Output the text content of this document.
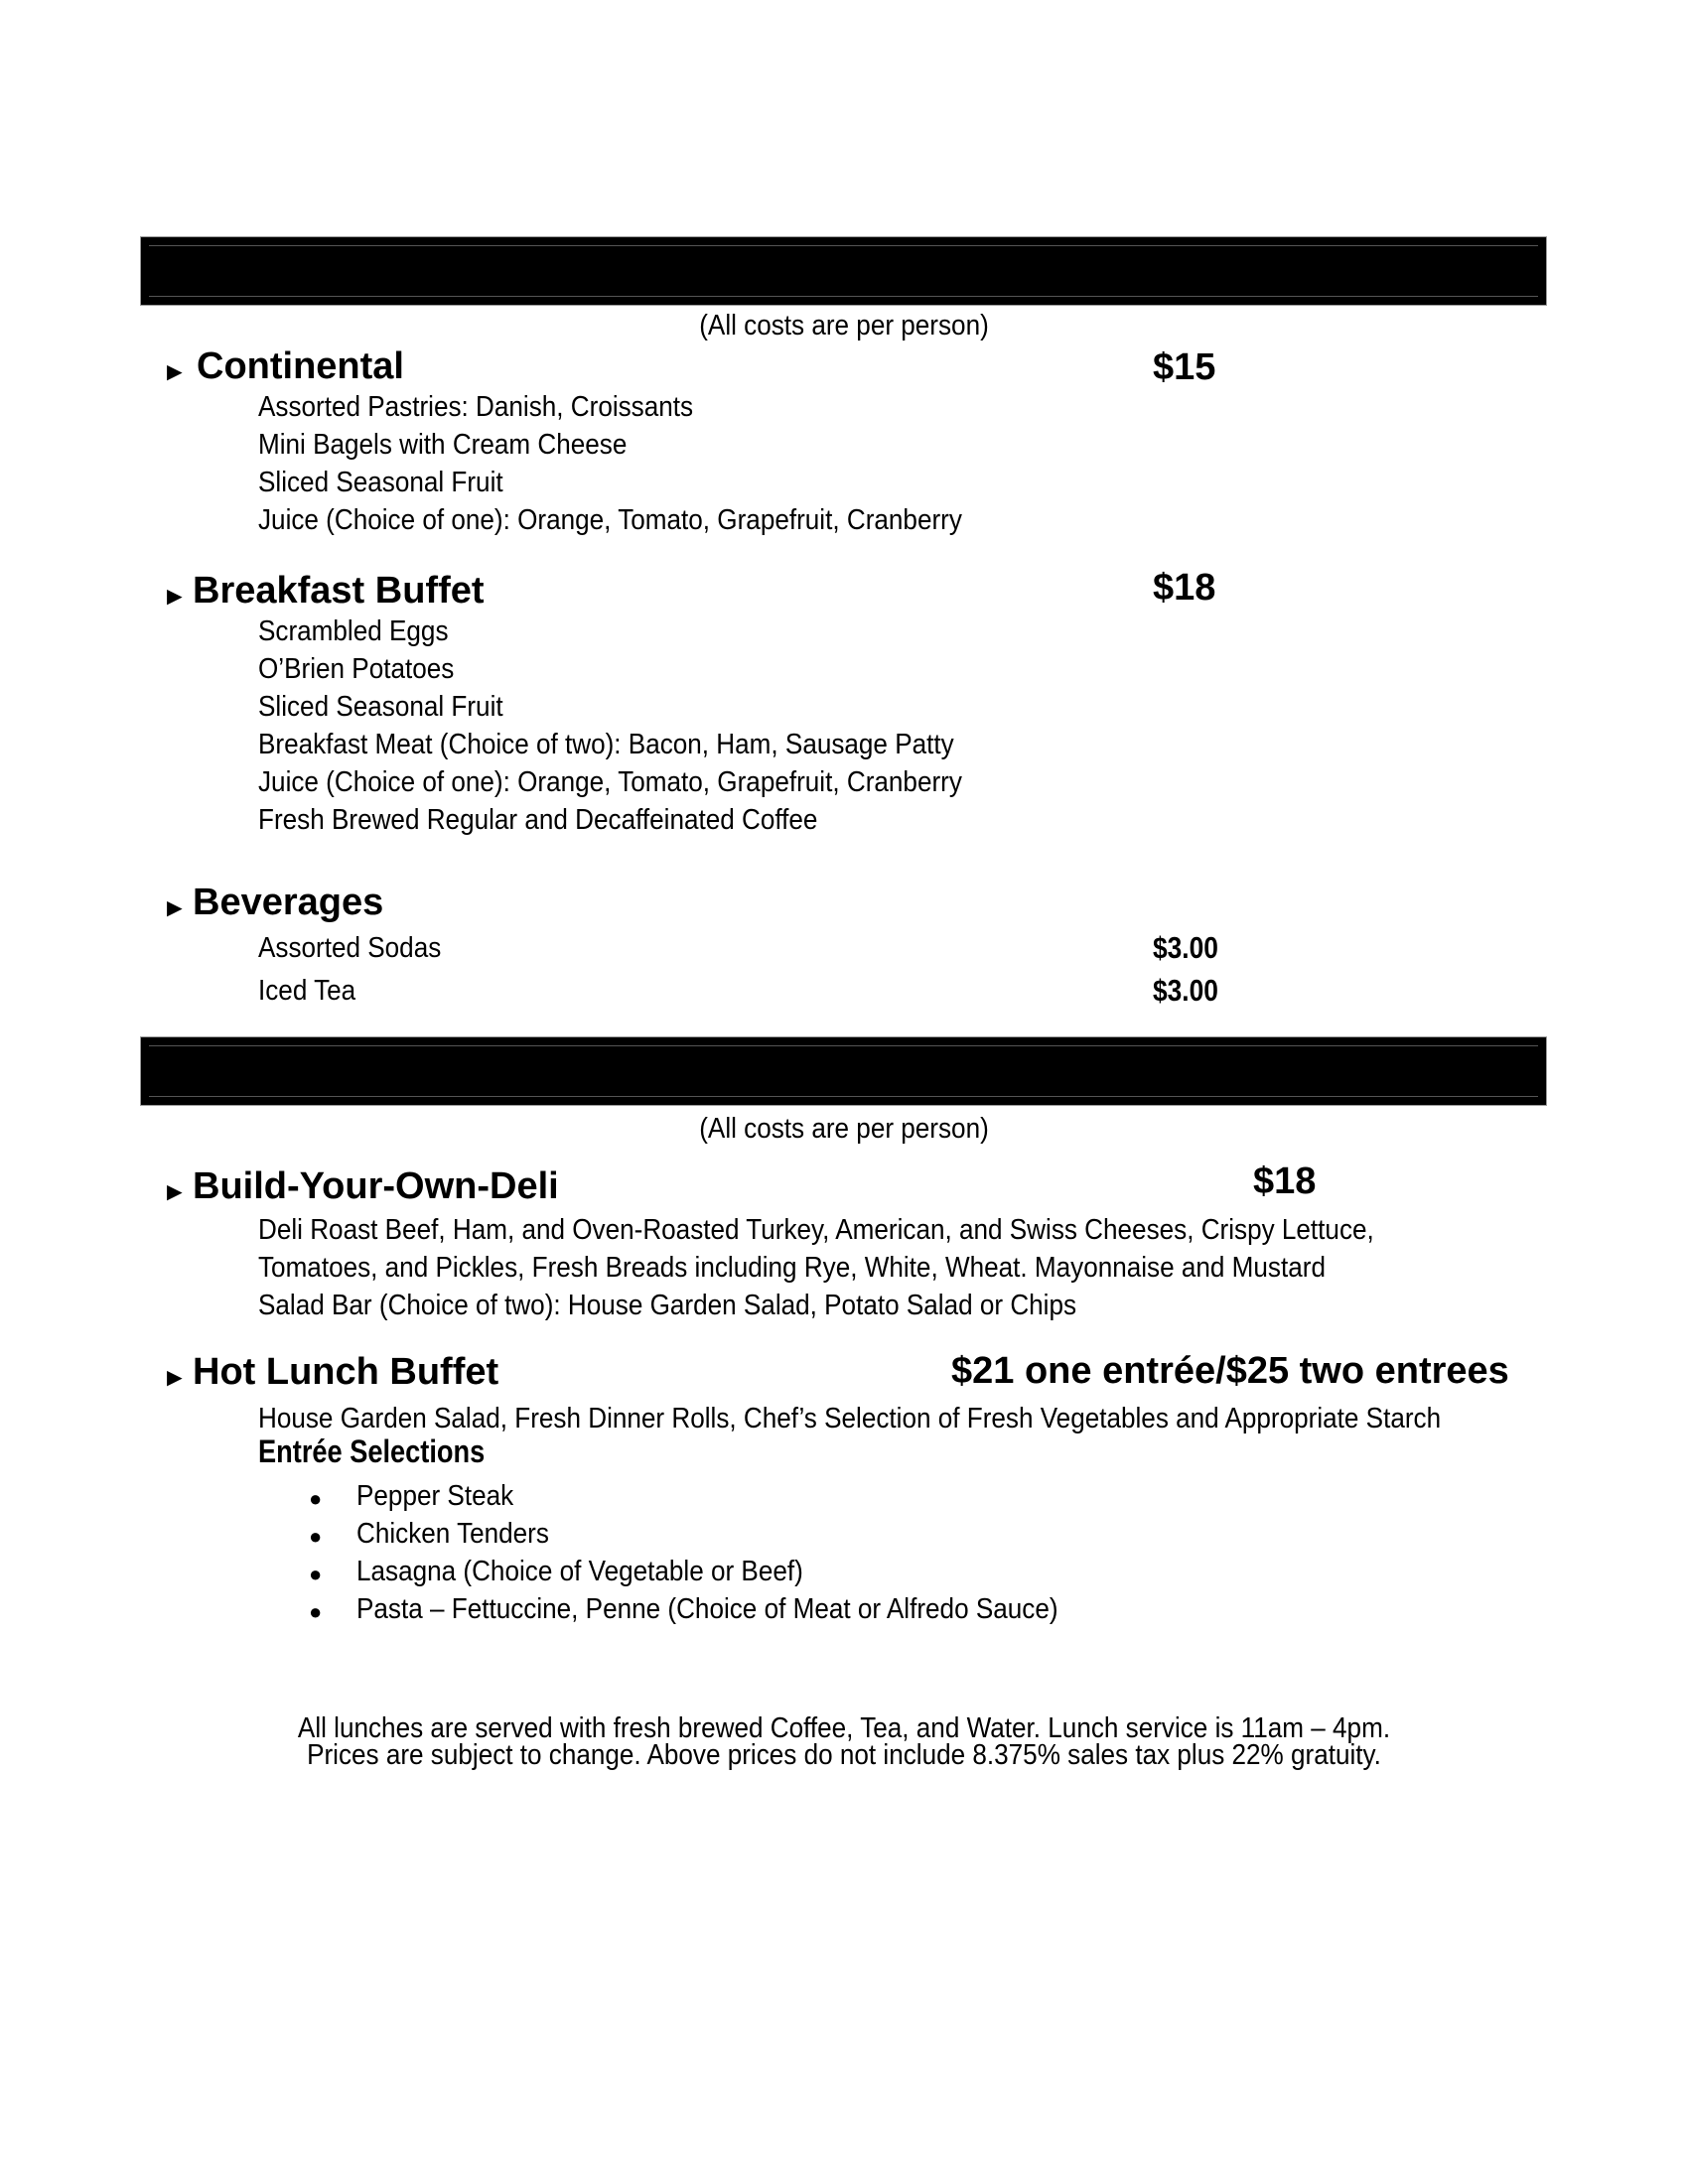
(All costs are per person)
► Continental	$15
Assorted Pastries: Danish, Croissants
Mini Bagels with Cream Cheese
Sliced Seasonal Fruit
Juice (Choice of one): Orange, Tomato, Grapefruit, Cranberry
► Breakfast Buffet	$18
Scrambled Eggs
O’Brien Potatoes
Sliced Seasonal Fruit
Breakfast Meat (Choice of two): Bacon, Ham, Sausage Patty
Juice (Choice of one): Orange, Tomato, Grapefruit, Cranberry
Fresh Brewed Regular and Decaffeinated Coffee
► Beverages
Assorted Sodas	$3.00
Iced Tea	$3.00
(All costs are per person)
► Build-Your-Own-Deli	$18
Deli Roast Beef, Ham, and Oven-Roasted Turkey, American, and Swiss Cheeses, Crispy Lettuce,
Tomatoes, and Pickles, Fresh Breads including Rye, White, Wheat. Mayonnaise and Mustard
Salad Bar (Choice of two): House Garden Salad, Potato Salad or Chips
► Hot Lunch Buffet	$21 one entrée/$25 two entrees
House Garden Salad, Fresh Dinner Rolls, Chef’s Selection of Fresh Vegetables and Appropriate Starch
Entrée Selections
● Pepper Steak
● Chicken Tenders
● Lasagna (Choice of Vegetable or Beef)
● Pasta – Fettuccine, Penne (Choice of Meat or Alfredo Sauce)
All lunches are served with fresh brewed Coffee, Tea, and Water. Lunch service is 11am – 4pm.
Prices are subject to change. Above prices do not include 8.375% sales tax plus 22% gratuity.
